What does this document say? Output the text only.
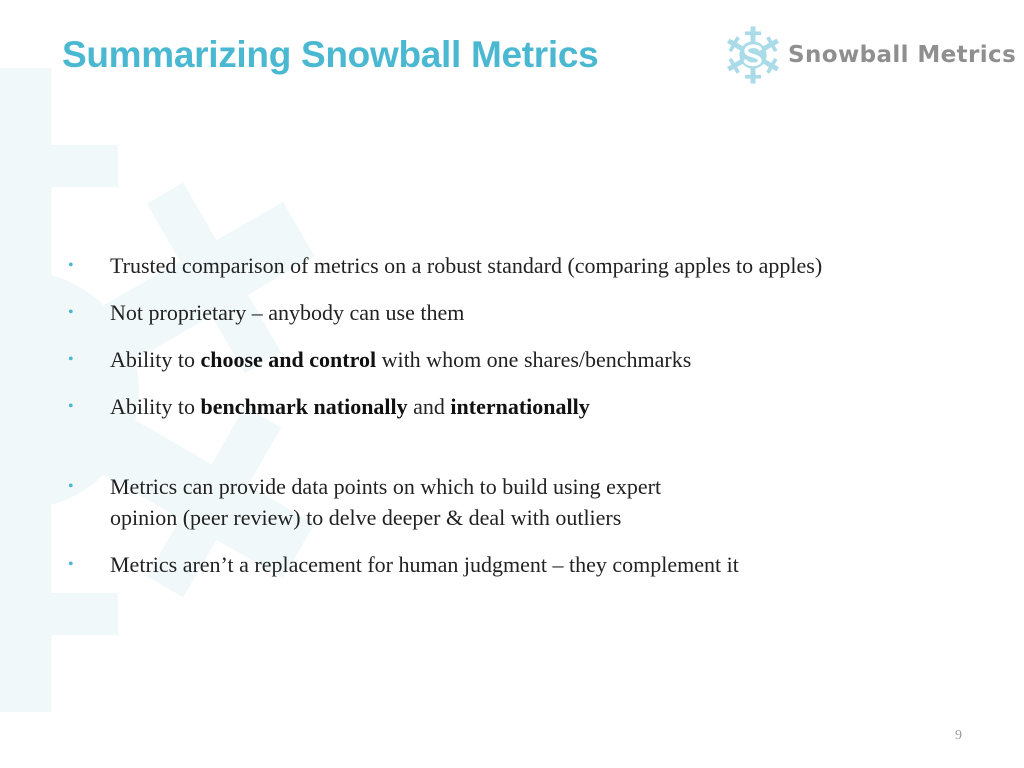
Summarizing Snowball Metrics	Snowball Metrics
• Trusted comparison of metrics on a robust standard (comparing apples to apples)
• Not proprietary – anybody can use them
• Ability to choose and control with whom one shares/benchmarks
• Ability to benchmark nationally and internationally
• Metrics can provide data points on which to build using expert
opinion (peer review) to delve deeper & deal with outliers
• Metrics aren’t a replacement for human judgment – they complement it
9
